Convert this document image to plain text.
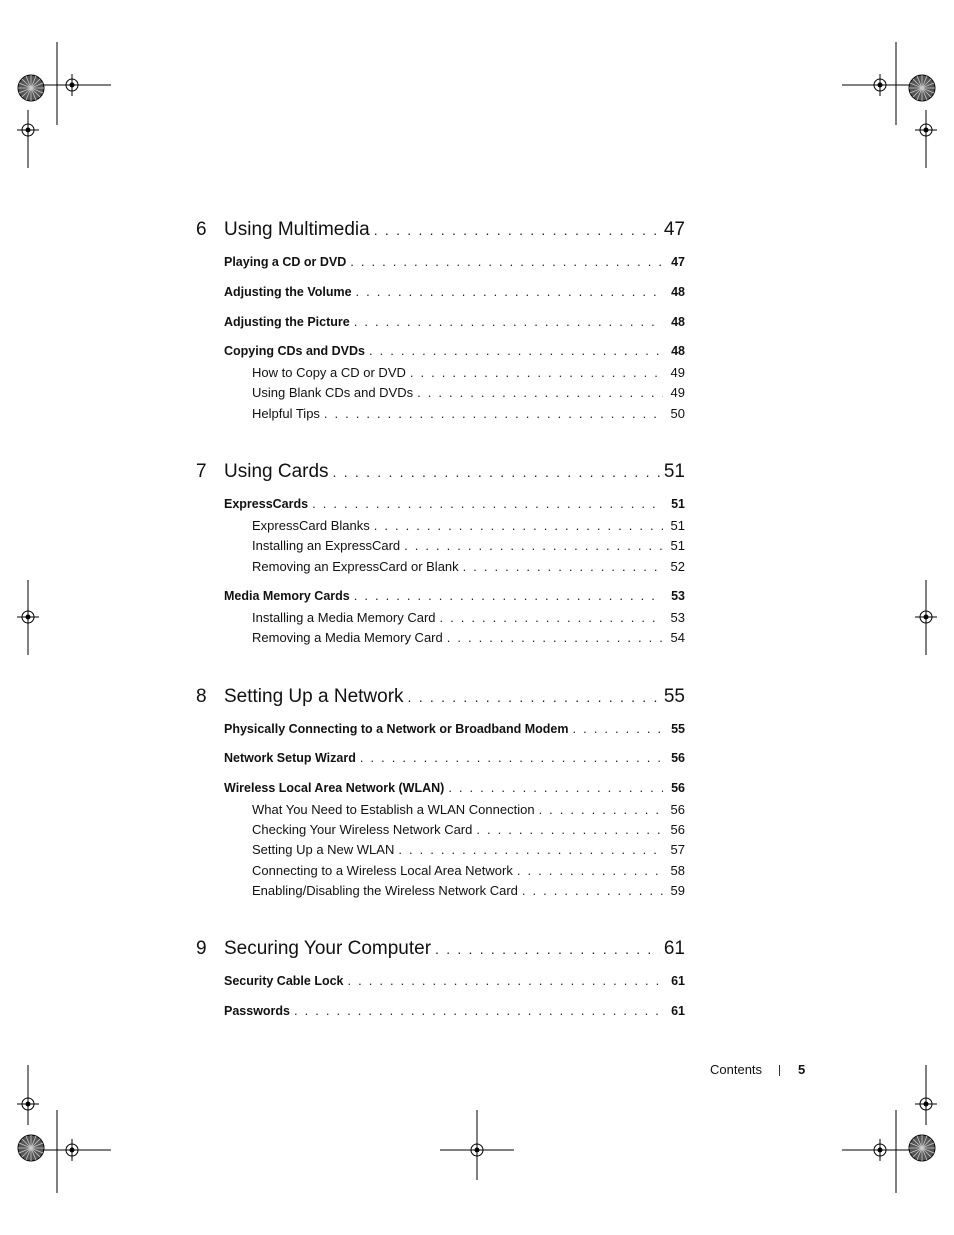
6 Using Multimedia . . .	47
Playing a CD or DVD . . .	47
Adjusting the Volume . . .	48
Adjusting the Picture . . .	48
Copying CDs and DVDs . . .	48
How to Copy a CD or DVD . . .	49
Using Blank CDs and DVDs . . .	49
Helpful Tips . . .	50
7 Using Cards . . .	51
ExpressCards . . .	51
ExpressCard Blanks . . .	51
Installing an ExpressCard . . .	51
Removing an ExpressCard or Blank . . .	52
Media Memory Cards . . .	53
Installing a Media Memory Card . . .	53
Removing a Media Memory Card . . .	54
8 Setting Up a Network . . .	55
Physically Connecting to a Network or Broadband Modem . . .	55
Network Setup Wizard . . .	56
Wireless Local Area Network (WLAN) . . .	56
What You Need to Establish a WLAN Connection . . .	56
Checking Your Wireless Network Card . . .	56
Setting Up a New WLAN . . .	57
Connecting to a Wireless Local Area Network . . .	58
Enabling/Disabling the Wireless Network Card . . .	59
9 Securing Your Computer . . .	61
Security Cable Lock . . .	61
Passwords . . .	61
Contents	5
